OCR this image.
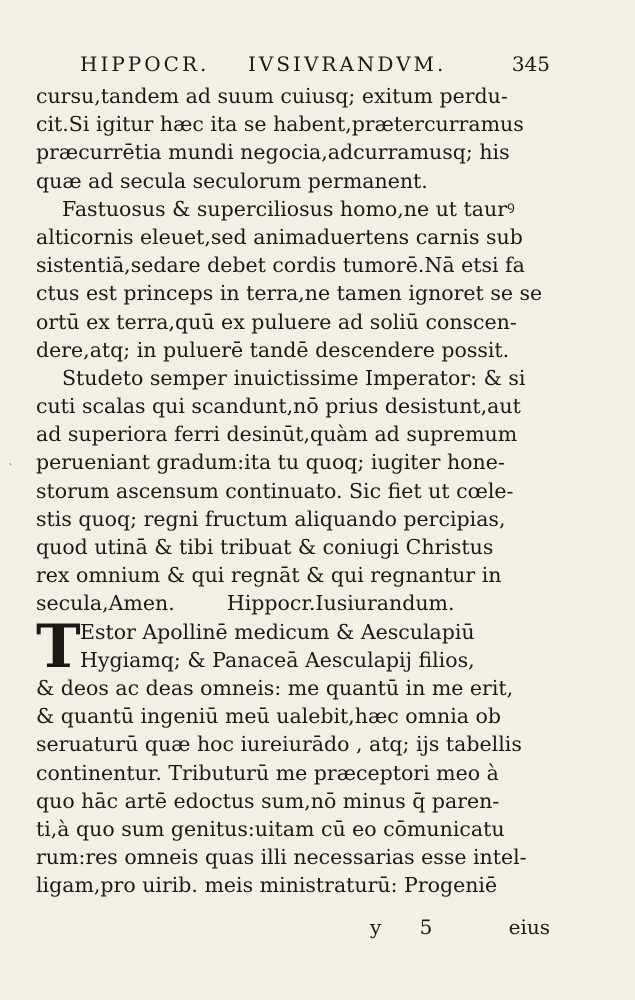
HIPPOCR. IVSIVRANDVM.	345
cursu,tandem ad suum cuiusq; exitum perdu-
cit.Si igitur hæc ita se habent,prætercurramus
præcurrētia mundi negocia,adcurramusq; his
quæ ad secula seculorum permanent.
Fastuosus & superciliosus homo,ne ut taurꝰ
alticornis eleuet,sed animaduertens carnis sub
sistentiā,sedare debet cordis tumorē.Nā etsi fa
ctus est princeps in terra,ne tamen ignoret se se
ortū ex terra,quū ex puluere ad soliū conscen-
dere,atq; in puluerē tandē descendere possit.
Studeto semper inuictissime Imperator: & si
cuti scalas qui scandunt,nō prius desistunt,aut
ad superiora ferri desinūt,quàm ad supremum
perueniant gradum:ita tu quoq; iugiter hone-
storum ascensum continuato. Sic fiet ut cœle-
stis quoq; regni fructum aliquando percipias,
quod utinā & tibi tribuat & coniugi Christus
rex omnium & qui regnāt & qui regnantur in
secula,Amen.        Hippocr.Iusiurandum.
T Estor Apollinē medicum & Aesculapiū
Hygiamq; & Panaceā Aesculapij filios,
& deos ac deas omneis: me quantū in me erit,
& quantū ingeniū meū ualebit,hæc omnia ob
seruaturū quæ hoc iureiurādo , atq; ijs tabellis
continentur. Tributurū me præceptori meo à
quo hāc artē edoctus sum,nō minus q̄ paren-
ti,à quo sum genitus:uitam cū eo cōmunicatu
rum:res omneis quas illi necessarias esse intel-
ligam,pro uirib. meis ministraturū: Progeniē
y 5	eius
`
